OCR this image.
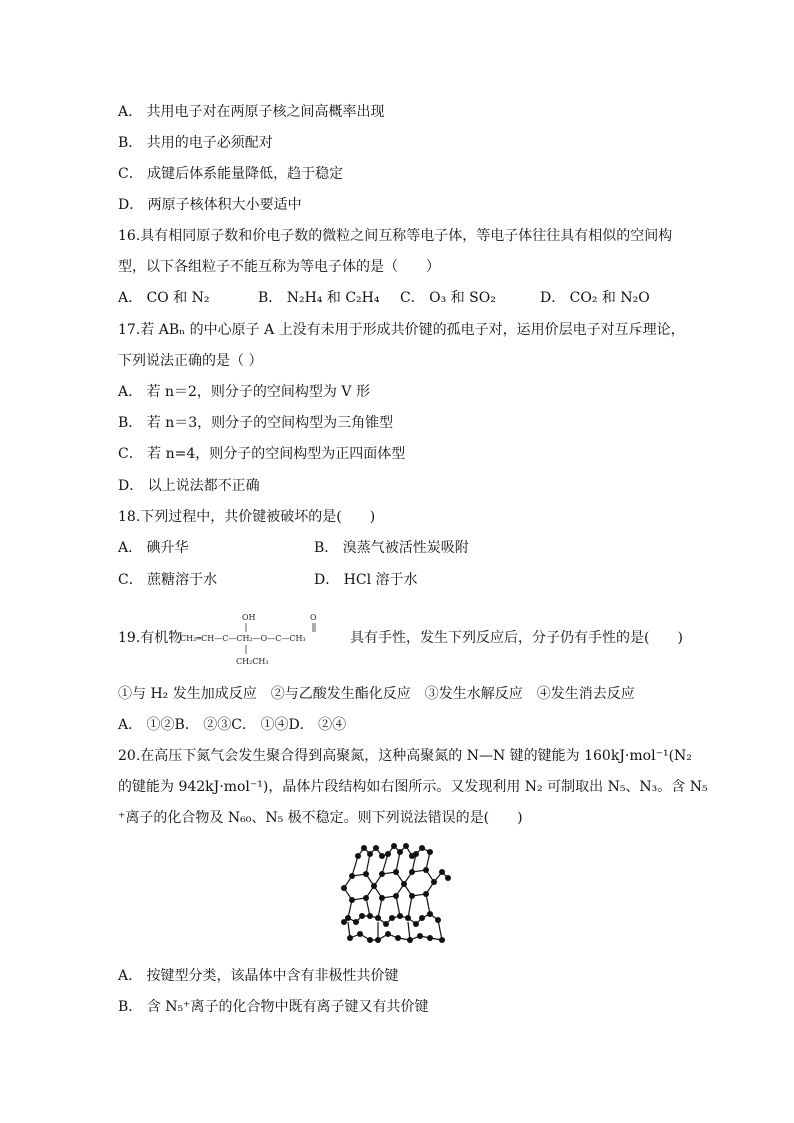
A． 共用电子对在两原子核之间高概率出现
B． 共用的电子必须配对
C． 成键后体系能量降低，趋于稳定
D． 两原子核体积大小要适中
16.具有相同原子数和价电子数的微粒之间互称等电子体，等电子体往往具有相似的空间构
型，以下各组粒子不能互称为等电子体的是（　　）
A． CO 和 N₂	B． N₂H₄ 和 C₂H₄ C． O₃ 和 SO₂	D． CO₂ 和 N₂O
17.若 ABₙ 的中心原子 A 上没有未用于形成共价键的孤电子对，运用价层电子对互斥理论，
下列说法正确的是（ ）
A． 若 n＝2，则分子的空间构型为 V 形
B． 若 n＝3，则分子的空间构型为三角锥型
C． 若 n=4，则分子的空间构型为正四面体型
D． 以上说法都不正确
18.下列过程中，共价键被破坏的是(　　)
A． 碘升华	B． 溴蒸气被活性炭吸附
C． 蔗糖溶于水	D． HCl 溶于水
19.有机物
OH	O
CH₂═CH—C—CH₂—O—C—CH₃
CH₂CH₃
具有手性，发生下列反应后，分子仍有手性的是(　　)
①与 H₂ 发生加成反应　②与乙酸发生酯化反应　③发生水解反应　④发生消去反应
A． ①②B． ②③C． ①④D． ②④
20.在高压下氮气会发生聚合得到高聚氮，这种高聚氮的 N—N 键的键能为 160kJ·mol⁻¹(N₂
的键能为 942kJ·mol⁻¹)，晶体片段结构如右图所示。又发现利用 N₂ 可制取出 N₅、N₃。含 N₅
⁺离子的化合物及 N₆₀、N₅ 极不稳定。则下列说法错误的是(　　)
A． 按键型分类，该晶体中含有非极性共价键
B． 含 N₅⁺离子的化合物中既有离子键又有共价键
